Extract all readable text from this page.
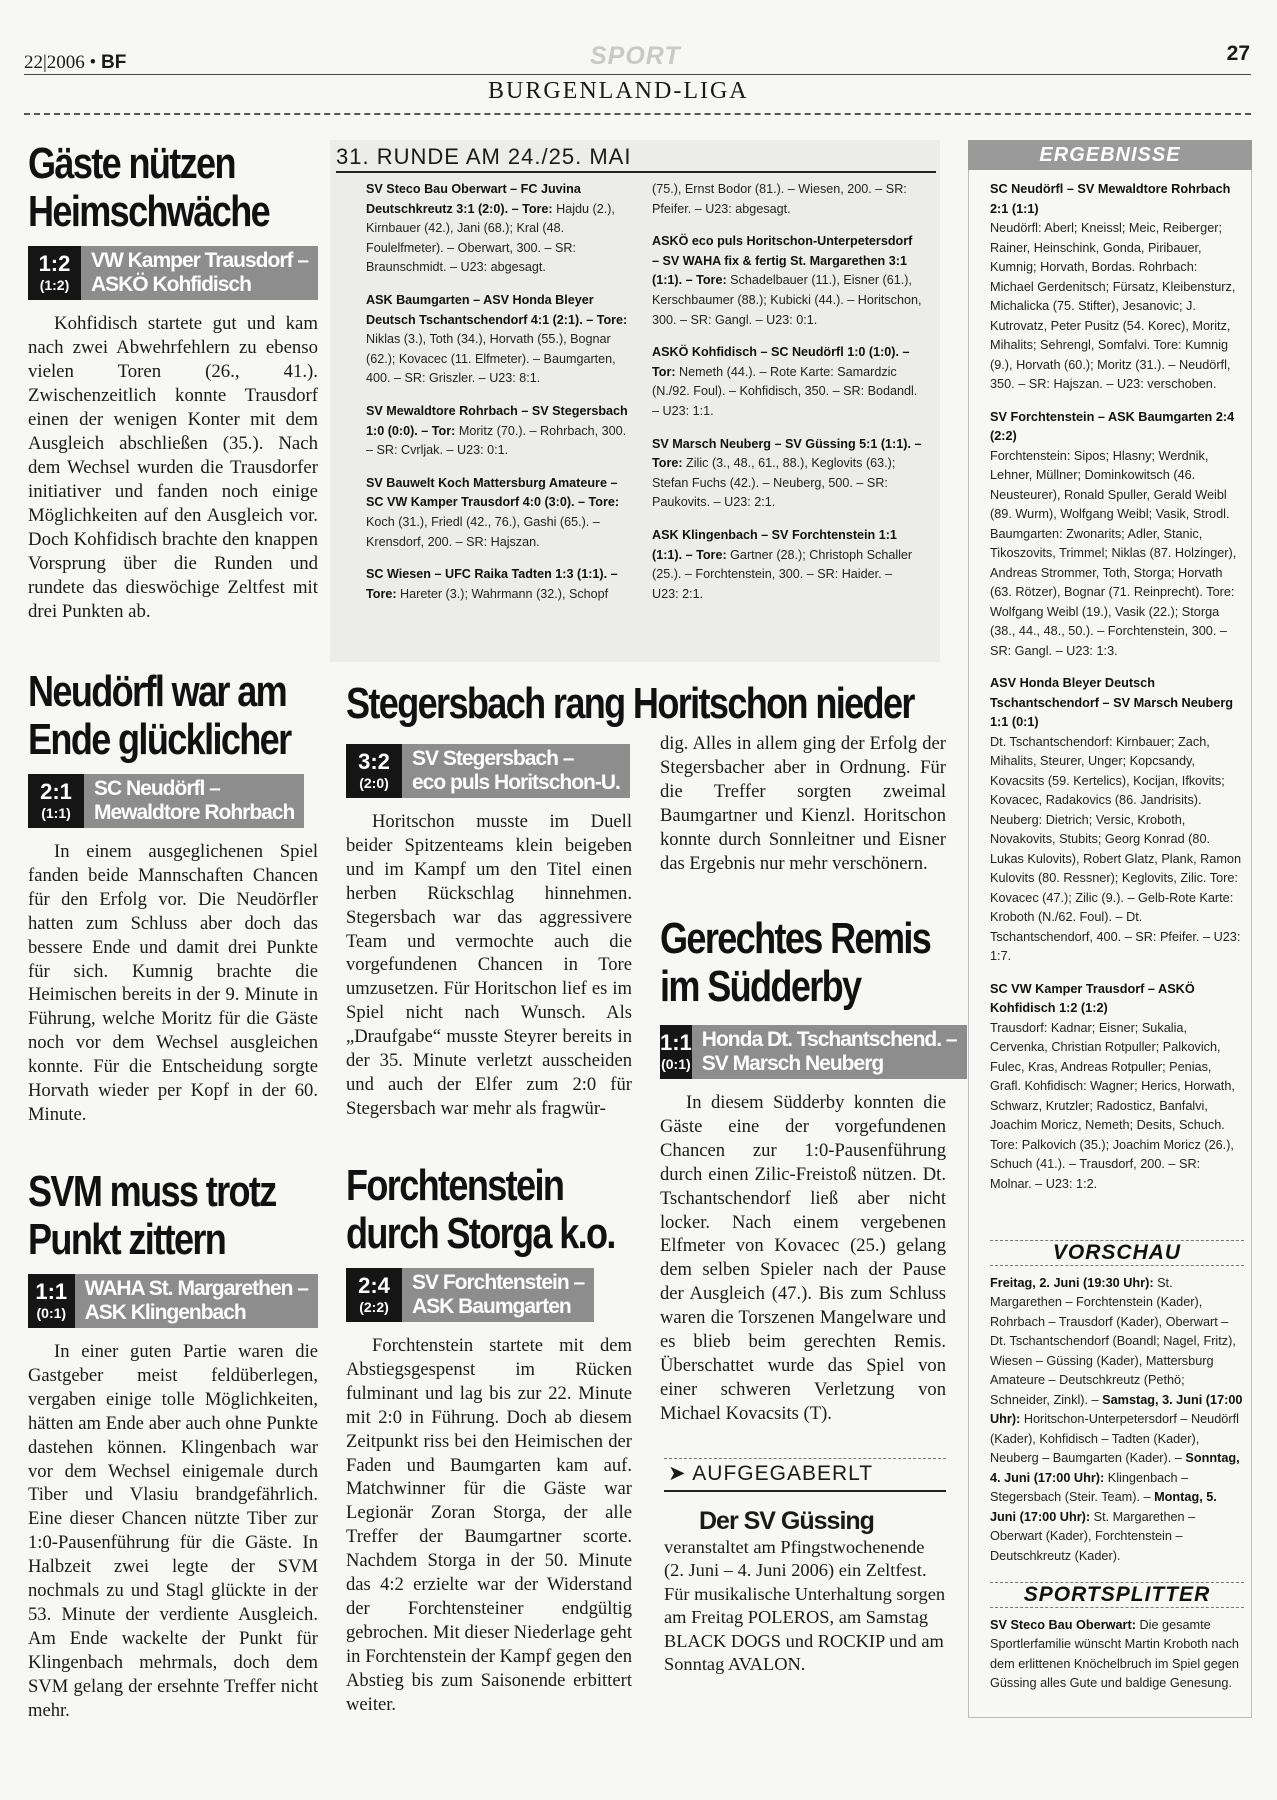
22|2006 • BF	SPORT	27
BURGENLAND-LIGA
Gäste nützen
Heimschwäche
1:2
(1:2)
VW Kamper Trausdorf –
ASKÖ Kohfidisch
Kohfidisch startete gut und kam nach zwei Abwehrfehlern zu ebenso vielen Toren (26., 41.). Zwischenzeitlich konnte Trausdorf einen der wenigen Konter mit dem Ausgleich abschließen (35.). Nach dem Wechsel wurden die Trausdorfer initiativer und fanden noch einige Möglichkeiten auf den Ausgleich vor. Doch Kohfidisch brachte den knappen Vorsprung über die Runden und rundete das dieswöchige Zeltfest mit drei Punkten ab.
Neudörfl war am
Ende glücklicher
2:1
(1:1)
SC Neudörfl –
Mewaldtore Rohrbach
In einem ausgeglichenen Spiel fanden beide Mannschaften Chancen für den Erfolg vor. Die Neudörfler hatten zum Schluss aber doch das bessere Ende und damit drei Punkte für sich. Kumnig brachte die Heimischen bereits in der 9. Minute in Führung, welche Moritz für die Gäste noch vor dem Wechsel ausgleichen konnte. Für die Entscheidung sorgte Horvath wieder per Kopf in der 60. Minute.
SVM muss trotz
Punkt zittern
1:1
(0:1)
WAHA St. Margarethen –
ASK Klingenbach
In einer guten Partie waren die Gastgeber meist feldüberlegen, vergaben einige tolle Möglichkeiten, hätten am Ende aber auch ohne Punkte dastehen können. Klingenbach war vor dem Wechsel einigemale durch Tiber und Vlasiu brandgefährlich. Eine dieser Chancen nützte Tiber zur 1:0-Pausenführung für die Gäste. In Halbzeit zwei legte der SVM nochmals zu und Stagl glückte in der 53. Minute der verdiente Ausgleich. Am Ende wackelte der Punkt für Klingenbach mehrmals, doch dem SVM gelang der ersehnte Treffer nicht mehr.
31. RUNDE AM 24./25. MAI

SV Steco Bau Oberwart – FC Juvina Deutschkreutz 3:1 (2:0). – Tore: Hajdu (2.), Kirnbauer (42.), Jani (68.); Kral (48. Foulelfmeter). – Oberwart, 300. – SR: Braunschmidt. – U23: abgesagt.

ASK Baumgarten – ASV Honda Bleyer Deutsch Tschantschendorf 4:1 (2:1). – Tore: Niklas (3.), Toth (34.), Horvath (55.), Bognar (62.); Kovacec (11. Elfmeter). – Baumgarten, 400. – SR: Griszler. – U23: 8:1.

SV Mewaldtore Rohrbach – SV Stegersbach 1:0 (0:0). – Tor: Moritz (70.). – Rohrbach, 300. – SR: Cvrljak. – U23: 0:1.

SV Bauwelt Koch Mattersburg Amateure – SC VW Kamper Trausdorf 4:0 (3:0). – Tore: Koch (31.), Friedl (42., 76.), Gashi (65.). – Krensdorf, 200. – SR: Hajszan.

SC Wiesen – UFC Raika Tadten 1:3 (1:1). – Tore: Hareter (3.); Wahrmann (32.), Schopf

(75.), Ernst Bodor (81.). – Wiesen, 200. – SR: Pfeifer. – U23: abgesagt.

ASKÖ eco puls Horitschon-Unterpetersdorf – SV WAHA fix & fertig St. Margarethen 3:1 (1:1). – Tore: Schadelbauer (11.), Eisner (61.), Kerschbaumer (88.); Kubicki (44.). – Horitschon, 300. – SR: Gangl. – U23: 0:1.

ASKÖ Kohfidisch – SC Neudörfl 1:0 (1:0). – Tor: Nemeth (44.). – Rote Karte: Samardzic (N./92. Foul). – Kohfidisch, 350. – SR: Bodandl. – U23: 1:1.

SV Marsch Neuberg – SV Güssing 5:1 (1:1). – Tore: Zilic (3., 48., 61., 88.), Keglovits (63.); Stefan Fuchs (42.). – Neuberg, 500. – SR: Paukovits. – U23: 2:1.

ASK Klingenbach – SV Forchtenstein 1:1 (1:1). – Tore: Gartner (28.); Christoph Schaller (25.). – Forchtenstein, 300. – SR: Haider. – U23: 2:1.

Stegersbach rang Horitschon nieder
3:2
(2:0)
SV Stegersbach –
eco puls Horitschon-U.
Horitschon musste im Duell beider Spitzenteams klein beigeben und im Kampf um den Titel einen herben Rückschlag hinnehmen. Stegersbach war das aggressivere Team und vermochte auch die vorgefundenen Chancen in Tore umzusetzen. Für Horitschon lief es im Spiel nicht nach Wunsch. Als „Draufgabe“ musste Steyrer bereits in der 35. Minute verletzt ausscheiden und auch der Elfer zum 2:0 für Stegersbach war mehr als fragwür-
dig. Alles in allem ging der Erfolg der Stegersbacher aber in Ordnung. Für die Treffer sorgten zweimal Baumgartner und Kienzl. Horitschon konnte durch Sonnleitner und Eisner das Ergebnis nur mehr verschönern.
Gerechtes Remis
im Südderby
1:1
(0:1)
Honda Dt. Tschantschend. –
SV Marsch Neuberg
In diesem Südderby konnten die Gäste eine der vorgefundenen Chancen zur 1:0-Pausenführung durch einen Zilic-Freistoß nützen. Dt. Tschantschendorf ließ aber nicht locker. Nach einem vergebenen Elfmeter von Kovacec (25.) gelang dem selben Spieler nach der Pause der Ausgleich (47.). Bis zum Schluss waren die Torszenen Mangelware und es blieb beim gerechten Remis. Überschattet wurde das Spiel von einer schweren Verletzung von Michael Kovacsits (T).
Forchtenstein
durch Storga k.o.
2:4
(2:2)
SV Forchtenstein –
ASK Baumgarten
Forchtenstein startete mit dem Abstiegsgespenst im Rücken fulminant und lag bis zur 22. Minute mit 2:0 in Führung. Doch ab diesem Zeitpunkt riss bei den Heimischen der Faden und Baumgarten kam auf. Matchwinner für die Gäste war Legionär Zoran Storga, der alle Treffer der Baumgartner scorte. Nachdem Storga in der 50. Minute das 4:2 erzielte war der Widerstand der Forchtensteiner endgültig gebrochen. Mit dieser Niederlage geht in Forchtenstein der Kampf gegen den Abstieg bis zum Saisonende erbittert weiter.
➤ AUFGEGABERLT
Der SV Güssing veranstaltet am Pfingstwochenende (2. Juni – 4. Juni 2006) ein Zeltfest. Für musikalische Unterhaltung sorgen am Freitag POLEROS, am Samstag BLACK DOGS und ROCKIP und am Sonntag AVALON.
ERGEBNISSE

SC Neudörfl – SV Mewaldtore Rohrbach 2:1 (1:1)
Neudörfl: Aberl; Kneissl; Meic, Reiberger; Rainer, Heinschink, Gonda, Piribauer, Kumnig; Horvath, Bordas. Rohrbach: Michael Gerdenitsch; Fürsatz, Kleibensturz, Michalicka (75. Stifter), Jesanovic; J. Kutrovatz, Peter Pusitz (54. Korec), Moritz, Mihalits; Sehrengl, Somfalvi. Tore: Kumnig (9.), Horvath (60.); Moritz (31.). – Neudörfl, 350. – SR: Hajszan. – U23: verschoben.

SV Forchtenstein – ASK Baumgarten 2:4 (2:2)
Forchtenstein: Sipos; Hlasny; Werdnik, Lehner, Müllner; Dominkowitsch (46. Neusteurer), Ronald Spuller, Gerald Weibl (89. Wurm), Wolfgang Weibl; Vasik, Strodl. Baumgarten: Zwonarits; Adler, Stanic, Tikoszovits, Trimmel; Niklas (87. Holzinger), Andreas Strommer, Toth, Storga; Horvath (63. Rötzer), Bognar (71. Reinprecht). Tore: Wolfgang Weibl (19.), Vasik (22.); Storga (38., 44., 48., 50.). – Forchtenstein, 300. – SR: Gangl. – U23: 1:3.

ASV Honda Bleyer Deutsch Tschantschendorf – SV Marsch Neuberg 1:1 (0:1)
Dt. Tschantschendorf: Kirnbauer; Zach, Mihalits, Steurer, Unger; Kopcsandy, Kovacsits (59. Kertelics), Kocijan, Ifkovits; Kovacec, Radakovics (86. Jandrisits). Neuberg: Dietrich; Versic, Kroboth, Novakovits, Stubits; Georg Konrad (80. Lukas Kulovits), Robert Glatz, Plank, Ramon Kulovits (80. Ressner); Keglovits, Zilic. Tore: Kovacec (47.); Zilic (9.). – Gelb-Rote Karte: Kroboth (N./62. Foul). – Dt. Tschantschendorf, 400. – SR: Pfeifer. – U23: 1:7.

SC VW Kamper Trausdorf – ASKÖ Kohfidisch 1:2 (1:2)
Trausdorf: Kadnar; Eisner; Sukalia, Cervenka, Christian Rotpuller; Palkovich, Fulec, Kras, Andreas Rotpuller; Penias, Grafl. Kohfidisch: Wagner; Herics, Horwath, Schwarz, Krutzler; Radosticz, Banfalvi, Joachim Moricz, Nemeth; Desits, Schuch. Tore: Palkovich (35.); Joachim Moricz (26.), Schuch (41.). – Trausdorf, 200. – SR: Molnar. – U23: 1:2.

VORSCHAU

Freitag, 2. Juni (19:30 Uhr): St. Margarethen – Forchtenstein (Kader), Rohrbach – Trausdorf (Kader), Oberwart – Dt. Tschantschendorf (Boandl; Nagel, Fritz), Wiesen – Güssing (Kader), Mattersburg Amateure – Deutschkreutz (Pethö; Schneider, Zinkl). – Samstag, 3. Juni (17:00 Uhr): Horitschon-Unterpetersdorf – Neudörfl (Kader), Kohfidisch – Tadten (Kader), Neuberg – Baumgarten (Kader). – Sonntag, 4. Juni (17:00 Uhr): Klingenbach – Stegersbach (Steir. Team). – Montag, 5. Juni (17:00 Uhr): St. Margarethen – Oberwart (Kader), Forchtenstein – Deutschkreutz (Kader).

SPORTSPLITTER

SV Steco Bau Oberwart: Die gesamte Sportlerfamilie wünscht Martin Kroboth nach dem erlittenen Knöchelbruch im Spiel gegen Güssing alles Gute und baldige Genesung.
